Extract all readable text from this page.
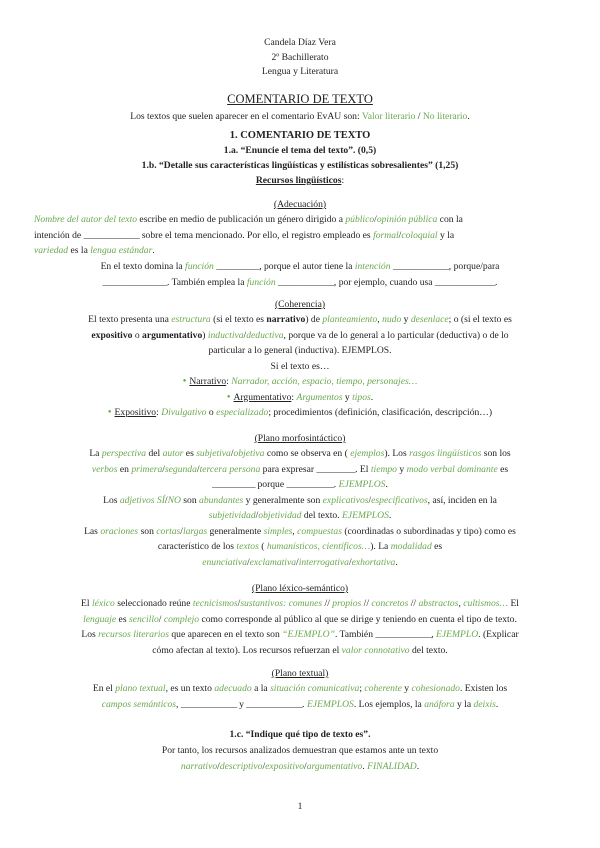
Candela Díaz Vera
2º Bachillerato
Lengua y Literatura
COMENTARIO DE TEXTO
Los textos que suelen aparecer en el comentario EvAU son: Valor literario / No literario.
1. COMENTARIO DE TEXTO
1.a. “Enuncie el tema del texto”. (0,5)
1.b. “Detalle sus características lingüísticas y estilísticas sobresalientes” (1,25)
Recursos lingüísticos:
(Adecuación)
Nombre del autor del texto escribe en medio de publicación un género dirigido a público/opinión pública con la
intención de _____________ sobre el tema mencionado. Por ello, el registro empleado es formal/coloquial y la
variedad es la lengua estándar.
En el texto domina la función __________, porque el autor tiene la intención _____________, porque/para
_______________. También emplea la función _____________, por ejemplo, cuando usa ______________.
(Coherencia)
El texto presenta una estructura (si el texto es narrativo) de planteamiento, nudo y desenlace; o (si el texto es
expositivo o argumentativo) inductiva/deductiva, porque va de lo general a lo particular (deductiva) o de lo
particular a lo general (inductiva). EJEMPLOS.
Si el texto es…
● Narrativo: Narrador, acción, espacio, tiempo, personajes…
● Argumentativo: Argumentos y tipos.
● Expositivo: Divulgativo o especializado; procedimientos (definición, clasificación, descripción…)
(Plano morfosintáctico)
La perspectiva del autor es subjetiva/objetiva como se observa en ( ejemplos). Los rasgos lingüísticos son los
verbos en primera/segunda/tercera persona para expresar _________. El tiempo y modo verbal dominante es
__________ porque ___________. EJEMPLOS.
Los adjetivos SÍ/NO son abundantes y generalmente son explicativos/especificativos, así, inciden en la
subjetividad/objetividad del texto. EJEMPLOS.
Las oraciones son cortas/largas generalmente simples, compuestas (coordinadas o subordinadas y tipo) como es
característico de los textos ( humanísticos, científicos…). La modalidad es
enunciativa/exclamativa/interrogativa/exhortativa.
(Plano léxico-semántico)
El léxico seleccionado reúne tecnicismos/sustantivos: comunes // propios // concretos // abstractos, cultismos… El
lenguaje es sencillo/ complejo como corresponde al público al que se dirige y teniendo en cuenta el tipo de texto.
Los recursos literarios que aparecen en el texto son “EJEMPLO”. También _____________, EJEMPLO. (Explicar
cómo afectan al texto). Los recursos refuerzan el valor connotativo del texto.
(Plano textual)
En el plano textual, es un texto adecuado a la situación comunicativa; coherente y cohesionado. Existen los
campos semánticos, _____________ y _____________. EJEMPLOS. Los ejemplos, la anáfora y la deixis.
1.c. “Indique qué tipo de texto es”.
Por tanto, los recursos analizados demuestran que estamos ante un texto
narrativo/descriptivo/expositivo/argumentativo. FINALIDAD.
1
